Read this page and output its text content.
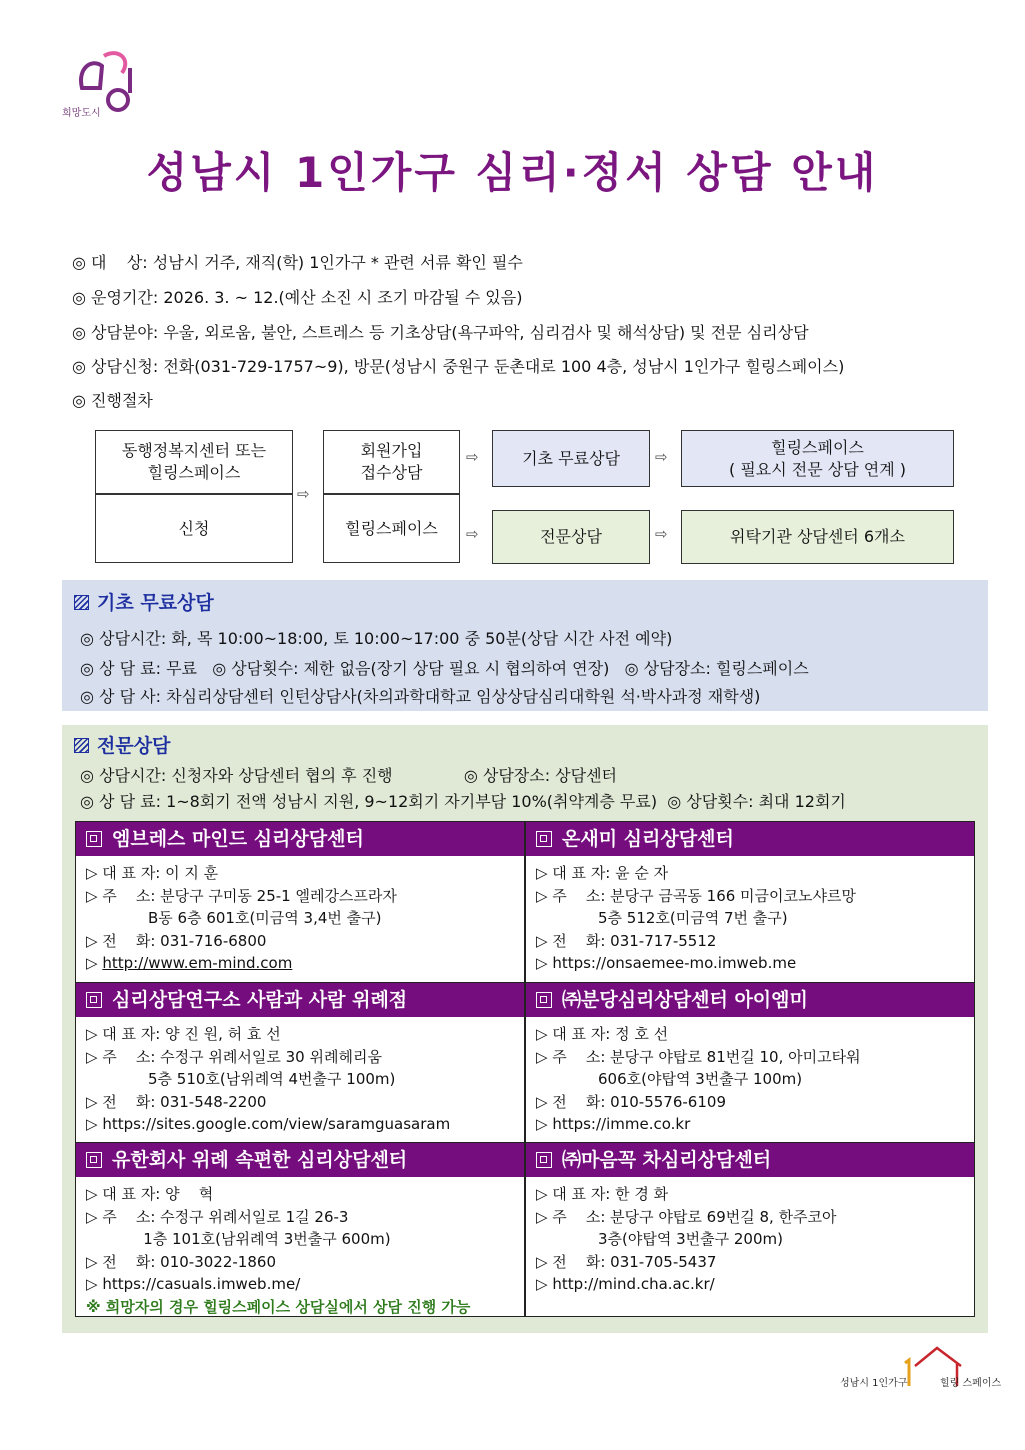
희망도시
성남시 1인가구 심리·정서 상담 안내
◎ 대    상: 성남시 거주, 재직(학) 1인가구 * 관련 서류 확인 필수
◎ 운영기간: 2026. 3. ~ 12.(예산 소진 시 조기 마감될 수 있음)
◎ 상담분야: 우울, 외로움, 불안, 스트레스 등 기초상담(욕구파악, 심리검사 및 해석상담) 및 전문 심리상담
◎ 상담신청: 전화(031-729-1757~9), 방문(성남시 중원구 둔촌대로 100 4층, 성남시 1인가구 힐링스페이스)
◎ 진행절차
동행정복지센터 또는
힐링스페이스
신청
⇨
회원가입
접수상담
힐링스페이스
⇨
⇨
기초 무료상담
전문상담
⇨
⇨
힐링스페이스
( 필요시 전문 상담 연계 )
위탁기관 상담센터 6개소
기초 무료상담
◎ 상담시간: 화, 목 10:00~18:00, 토 10:00~17:00 중 50분(상담 시간 사전 예약)
◎ 상 담 료: 무료   ◎ 상담횟수: 제한 없음(장기 상담 필요 시 협의하여 연장)   ◎ 상담장소: 힐링스페이스
◎ 상 담 사: 차심리상담센터 인턴상담사(차의과학대학교 임상상담심리대학원 석·박사과정 재학생)
전문상담
◎ 상담시간: 신청자와 상담센터 협의 후 진행              ◎ 상담장소: 상담센터
◎ 상 담 료: 1~8회기 전액 성남시 지원, 9~12회기 자기부담 10%(취약계층 무료)  ◎ 상담횟수: 최대 12회기
엠브레스 마인드 심리상담센터	온새미 심리상담센터
▷ 대 표 자: 이 지 훈
▷ 주    소: 분당구 구미동 25-1 엘레강스프라자
B동 6층 601호(미금역 3,4번 출구)
▷ 전    화: 031-716-6800
▷ http://www.em-mind.com
▷ 대 표 자: 윤 순 자
▷ 주    소: 분당구 금곡동 166 미금이코노샤르망
5층 512호(미금역 7번 출구)
▷ 전    화: 031-717-5512
▷ https://onsaemee-mo.imweb.me
심리상담연구소 사람과 사람 위례점	㈜분당심리상담센터 아이엠미
▷ 대 표 자: 양 진 원, 허 효 선
▷ 주    소: 수정구 위례서일로 30 위례헤리움
5층 510호(남위례역 4번출구 100m)
▷ 전    화: 031-548-2200
▷ https://sites.google.com/view/saramguasaram
▷ 대 표 자: 정 호 선
▷ 주    소: 분당구 야탑로 81번길 10, 아미고타워
606호(야탑역 3번출구 100m)
▷ 전    화: 010-5576-6109
▷ https://imme.co.kr
유한회사 위례 속편한 심리상담센터	㈜마음꼭 차심리상담센터
▷ 대 표 자: 양    혁
▷ 주    소: 수정구 위례서일로 1길 26-3
1층 101호(남위례역 3번출구 600m)
▷ 전    화: 010-3022-1860
▷ https://casuals.imweb.me/
※ 희망자의 경우 힐링스페이스 상담실에서 상담 진행 가능
▷ 대 표 자: 한 경 화
▷ 주    소: 분당구 야탑로 69번길 8, 한주코아
3층(야탑역 3번출구 200m)
▷ 전    화: 031-705-5437
▷ http://mind.cha.ac.kr/
성남시 1인가구	힐링 스페이스
